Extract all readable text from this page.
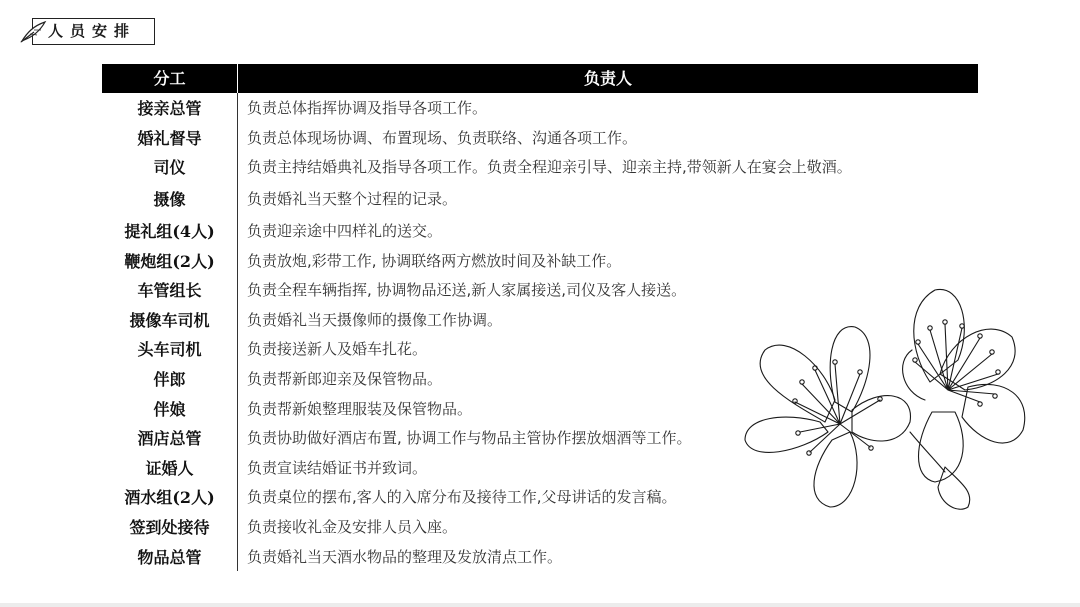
人员安排
分工	负责人
接亲总管	负责总体指挥协调及指导各项工作。
婚礼督导	负责总体现场协调、布置现场、负责联络、沟通各项工作。
司仪	负责主持结婚典礼及指导各项工作。负责全程迎亲引导、迎亲主持,带领新人在宴会上敬酒。
摄像	负责婚礼当天整个过程的记录。
提礼组(4人)	负责迎亲途中四样礼的送交。
鞭炮组(2人)	负责放炮,彩带工作, 协调联络两方燃放时间及补缺工作。
车管组长	负责全程车辆指挥, 协调物品还送,新人家属接送,司仪及客人接送。
摄像车司机	负责婚礼当天摄像师的摄像工作协调。
头车司机	负责接送新人及婚车扎花。
伴郎	负责帮新郎迎亲及保管物品。
伴娘	负责帮新娘整理服装及保管物品。
酒店总管	负责协助做好酒店布置, 协调工作与物品主管协作摆放烟酒等工作。
证婚人	负责宣读结婚证书并致词。
酒水组(2人)	负责桌位的摆布,客人的入席分布及接待工作,父母讲话的发言稿。
签到处接待	负责接收礼金及安排人员入座。
物品总管	负责婚礼当天酒水物品的整理及发放清点工作。
